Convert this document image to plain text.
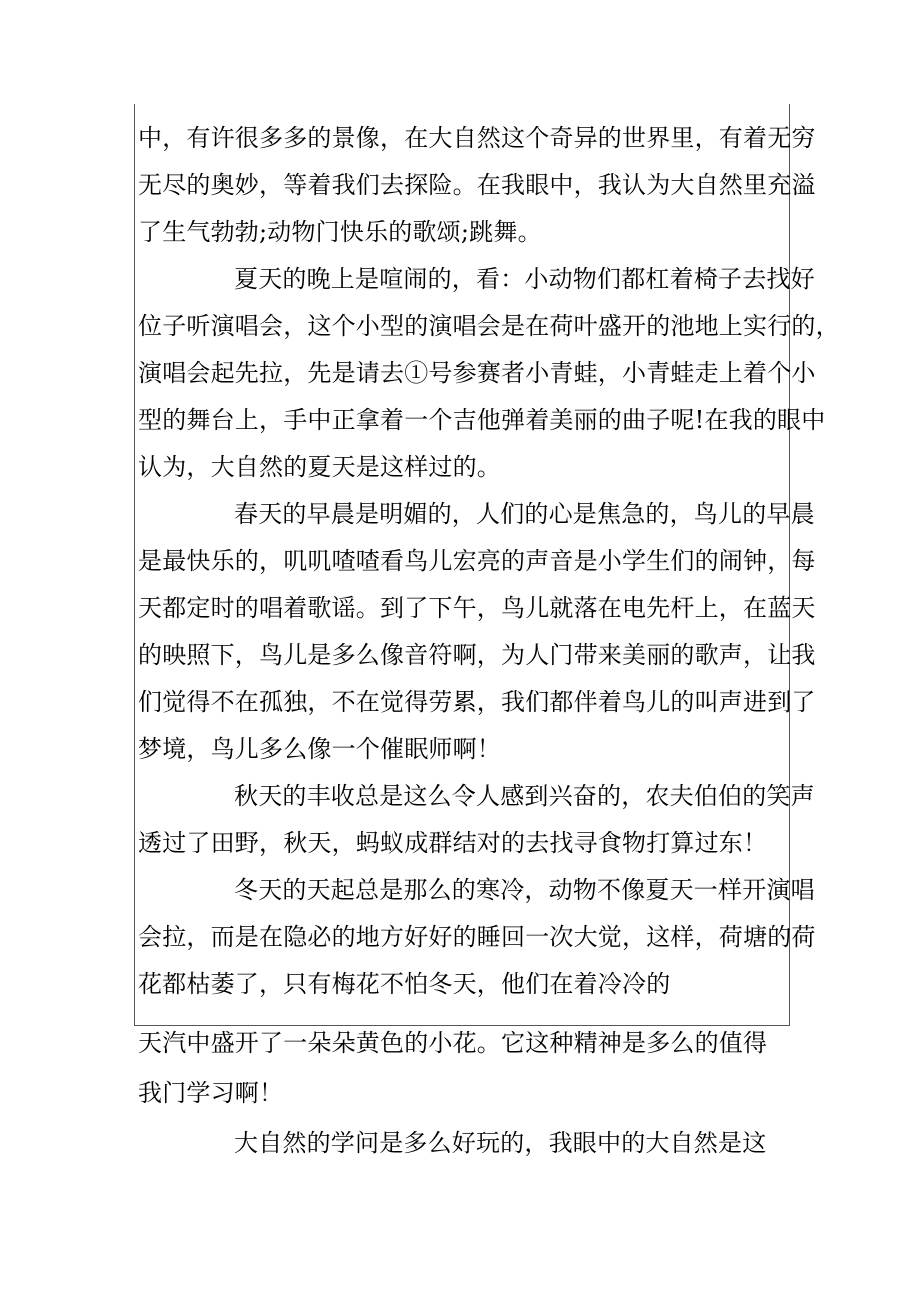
中，有许很多多的景像，在大自然这个奇异的世界里，有着无穷
无尽的奥妙，等着我们去探险。在我眼中，我认为大自然里充溢
了生气勃勃;动物门快乐的歌颂;跳舞。
夏天的晚上是喧闹的，看：小动物们都杠着椅子去找好
位子听演唱会，这个小型的演唱会是在荷叶盛开的池地上实行的，
演唱会起先拉，先是请去①号参赛者小青蛙，小青蛙走上着个小
型的舞台上，手中正拿着一个吉他弹着美丽的曲子呢!在我的眼中
认为，大自然的夏天是这样过的。
春天的早晨是明媚的，人们的心是焦急的，鸟儿的早晨
是最快乐的，叽叽喳喳看鸟儿宏亮的声音是小学生们的闹钟，每
天都定时的唱着歌谣。到了下午，鸟儿就落在电先杆上，在蓝天
的映照下，鸟儿是多么像音符啊，为人门带来美丽的歌声，让我
们觉得不在孤独，不在觉得劳累，我们都伴着鸟儿的叫声进到了
梦境，鸟儿多么像一个催眠师啊！
秋天的丰收总是这么令人感到兴奋的，农夫伯伯的笑声
透过了田野，秋天，蚂蚁成群结对的去找寻食物打算过东！
冬天的天起总是那么的寒冷，动物不像夏天一样开演唱
会拉，而是在隐必的地方好好的睡回一次大觉，这样，荷塘的荷
花都枯萎了，只有梅花不怕冬天，他们在着冷冷的
天汽中盛开了一朵朵黄色的小花。它这种精神是多么的值得
我门学习啊！
大自然的学问是多么好玩的，我眼中的大自然是这
